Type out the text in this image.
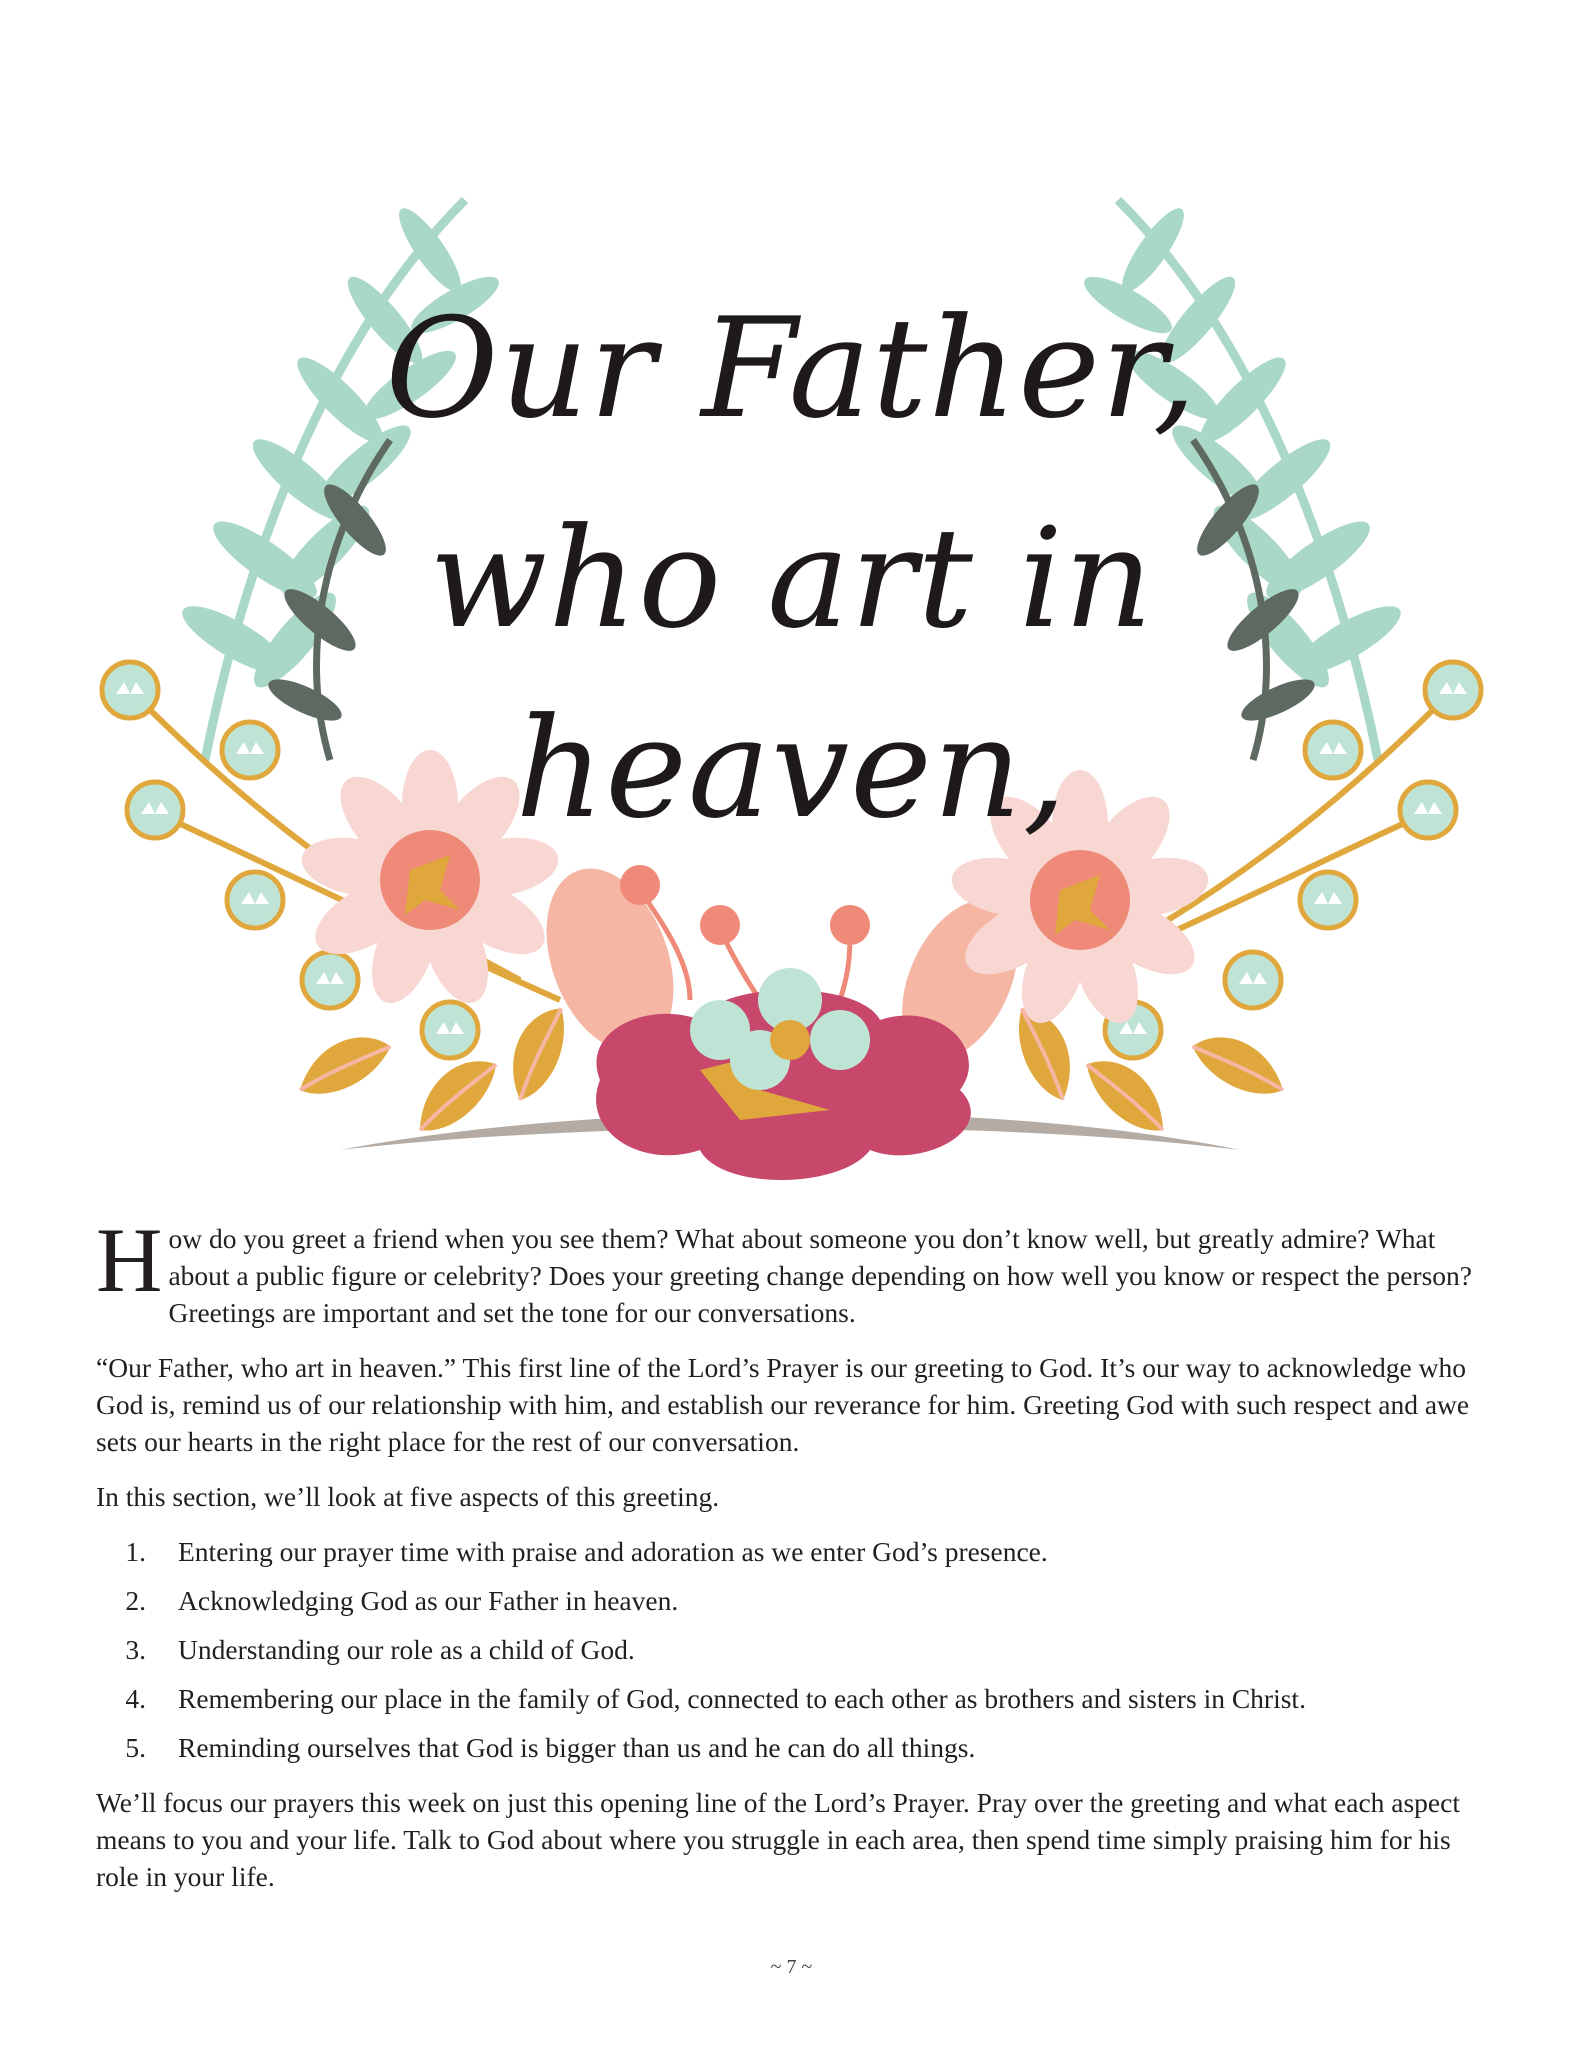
Our Father,
who art in
heaven,

How do you greet a friend when you see them? What about someone you don’t know well, but greatly admire? What about a public figure or celebrity? Does your greeting change depending on how well you know or respect the person? Greetings are important and set the tone for our conversations.

“Our Father, who art in heaven.” This first line of the Lord’s Prayer is our greeting to God. It’s our way to acknowledge who God is, remind us of our relationship with him, and establish our reverance for him. Greeting God with such respect and awe sets our hearts in the right place for the rest of our conversation.

In this section, we’ll look at five aspects of this greeting.

1.	Entering our prayer time with praise and adoration as we enter God’s presence.
2.	Acknowledging God as our Father in heaven.
3.	Understanding our role as a child of God.
4.	Remembering our place in the family of God, connected to each other as brothers and sisters in Christ.
5.	Reminding ourselves that God is bigger than us and he can do all things.

We’ll focus our prayers this week on just this opening line of the Lord’s Prayer. Pray over the greeting and what each aspect means to you and your life. Talk to God about where you struggle in each area, then spend time simply praising him for his role in your life.

~ 7 ~
